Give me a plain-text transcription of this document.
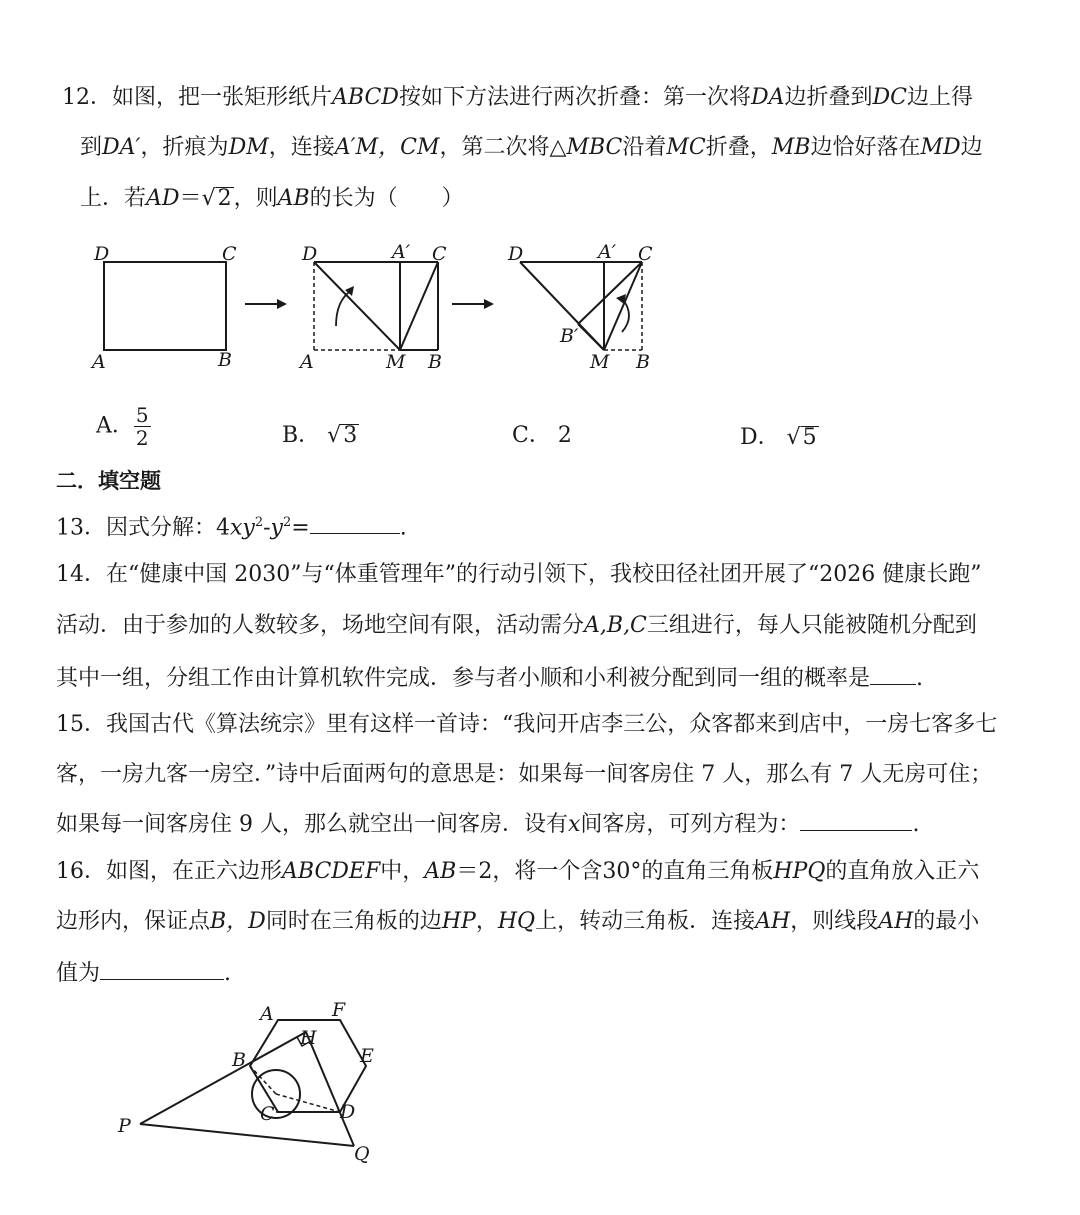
12．如图，把一张矩形纸片ABCD按如下方法进行两次折叠：第一次将DA边折叠到DC边上得
到DA′，折痕为DM，连接A′M，CM，第二次将△MBC沿着MC折叠，MB边恰好落在MD边
上．若AD＝√2，则AB的长为（　　）
D	C
A	B
D	A′ C
A	M B
D	A′ C
B′
M B
A． $\frac{5}{2}$	B． √3	C． 2	D． √5
二．填空题
13．因式分解：$4xy^2-y^2=$	.
14．在“健康中国 2030”与“体重管理年”的行动引领下，我校田径社团开展了“2026 健康长跑”
活动．由于参加的人数较多，场地空间有限，活动需分A,B,C三组进行，每人只能被随机分配到
其中一组，分组工作由计算机软件完成．参与者小顺和小利被分配到同一组的概率是 .
15．我国古代《算法统宗》里有这样一首诗：“我问开店李三公，众客都来到店中，一房七客多七
客，一房九客一房空．”诗中后面两句的意思是：如果每一间客房住 7 人，那么有 7 人无房可住；
如果每一间客房住 9 人，那么就空出一间客房．设有x间客房，可列方程为：	.
16．如图，在正六边形ABCDEF中，AB＝2，将一个含30°的直角三角板HPQ的直角放入正六
边形内，保证点B，D同时在三角板的边HP，HQ上，转动三角板．连接AH，则线段AH的最小
值为	.
A	F
H
B	E
C	D
P
Q
